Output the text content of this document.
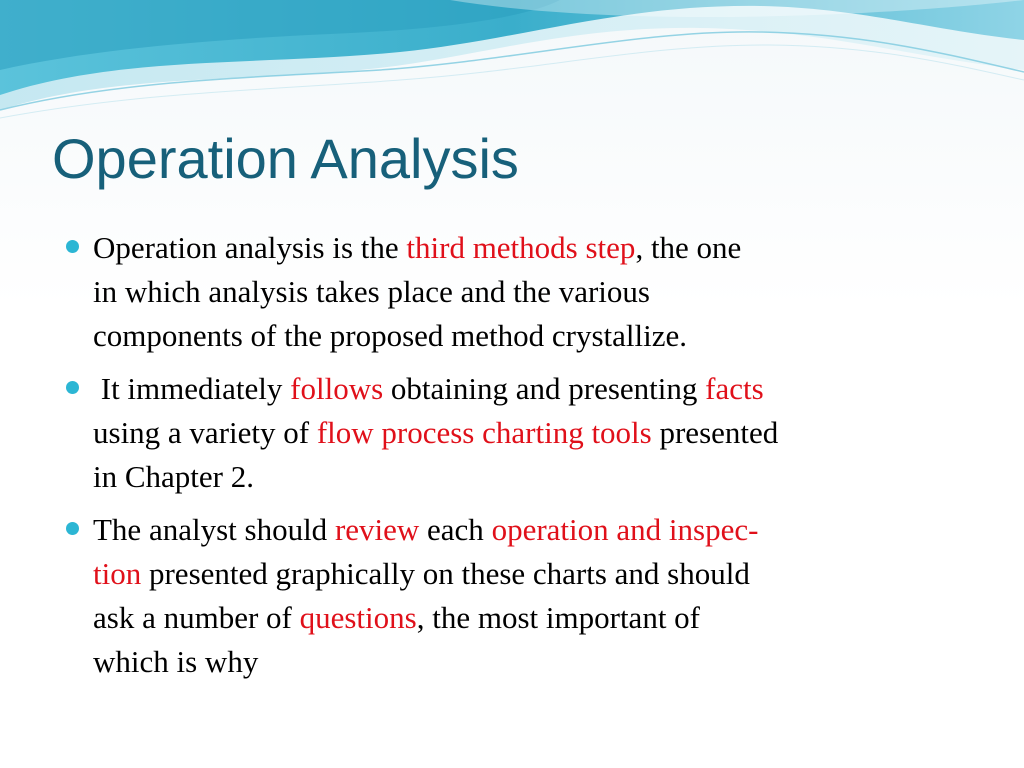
Operation Analysis
Operation analysis is the third methods step, the one
in which analysis takes place and the various
components of the proposed method crystallize.
It immediately follows obtaining and presenting facts
using a variety of flow process charting tools presented
in Chapter 2.
The analyst should review each operation and inspec-
tion presented graphically on these charts and should
ask a number of questions, the most important of
which is why
